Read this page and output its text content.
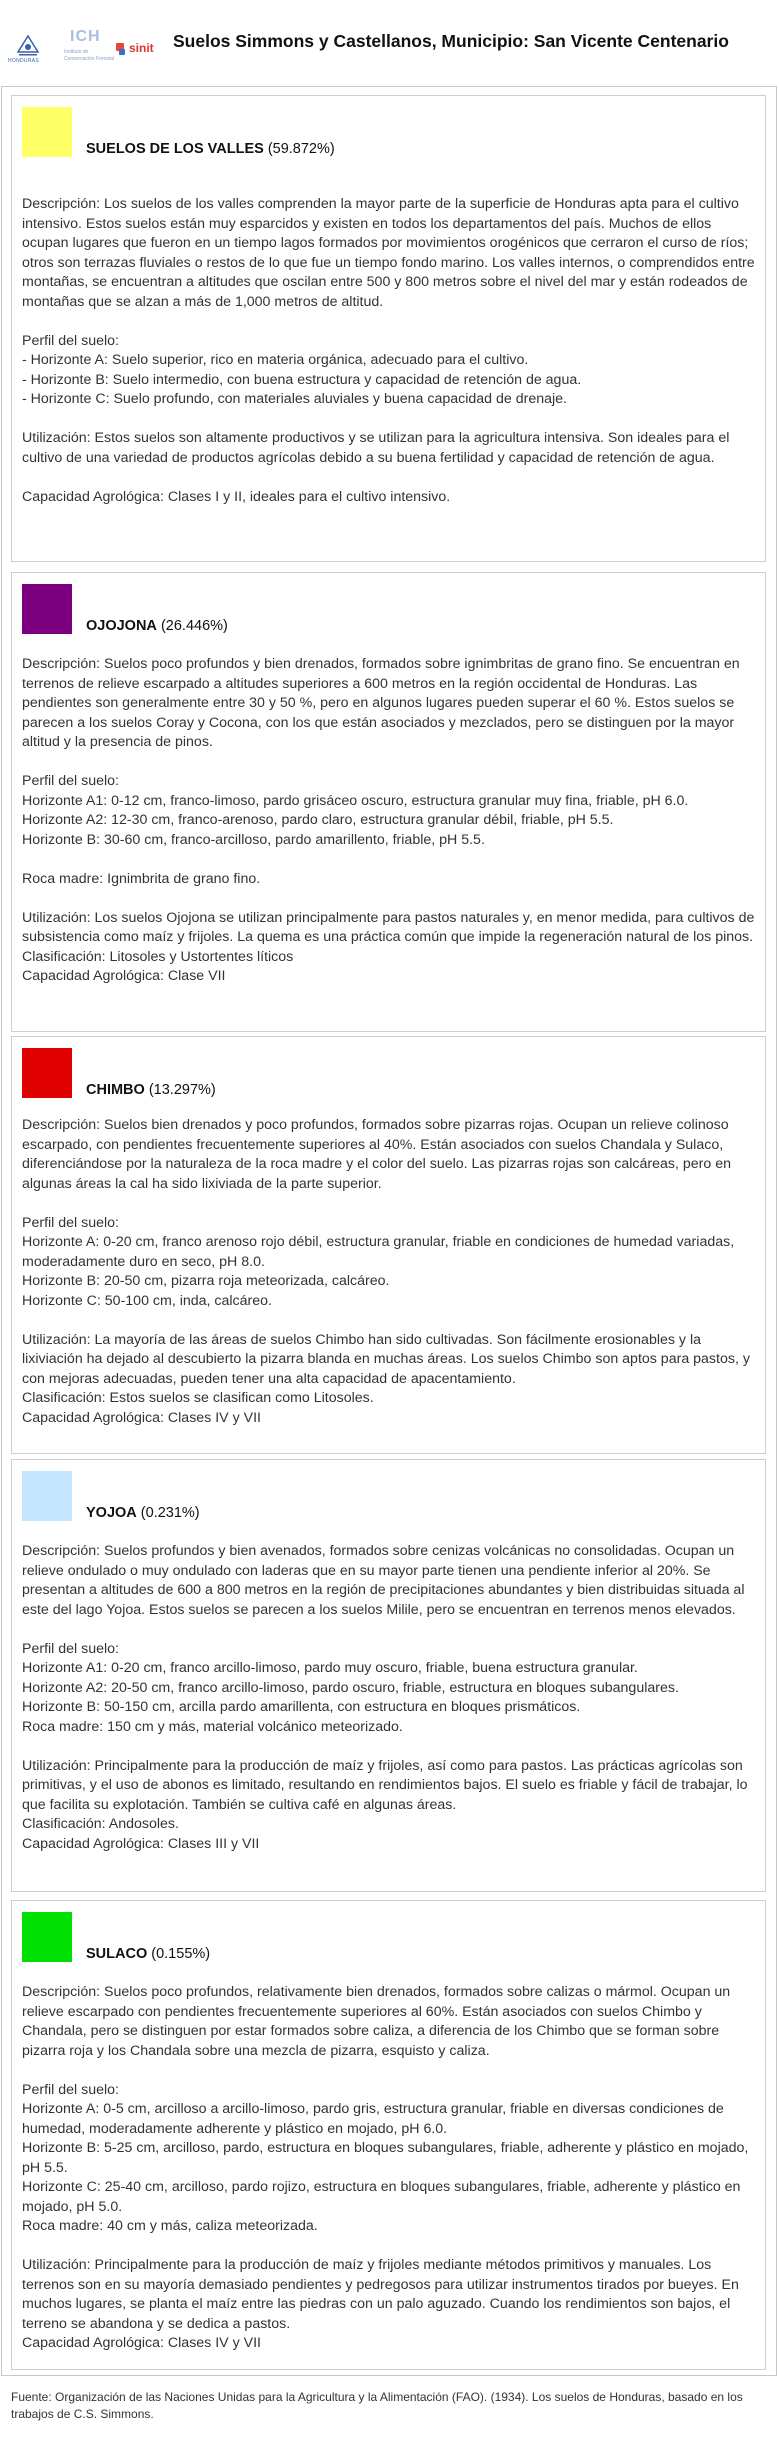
HONDURAS
ICH
Instituto de
Conservación Forestal
sinit Suelos Simmons y Castellanos, Municipio: San Vicente Centenario
SUELOS DE LOS VALLES (59.872%)

Descripción: Los suelos de los valles comprenden la mayor parte de la superficie de Honduras apta para el cultivo intensivo. Estos suelos están muy esparcidos y existen en todos los departamentos del país. Muchos de ellos ocupan lugares que fueron en un tiempo lagos formados por movimientos orogénicos que cerraron el curso de ríos; otros son terrazas fluviales o restos de lo que fue un tiempo fondo marino. Los valles internos, o comprendidos entre montañas, se encuentran a altitudes que oscilan entre 500 y 800 metros sobre el nivel del mar y están rodeados de montañas que se alzan a más de 1,000 metros de altitud.

Perfil del suelo:
- Horizonte A: Suelo superior, rico en materia orgánica, adecuado para el cultivo.
- Horizonte B: Suelo intermedio, con buena estructura y capacidad de retención de agua.
- Horizonte C: Suelo profundo, con materiales aluviales y buena capacidad de drenaje.

Utilización: Estos suelos son altamente productivos y se utilizan para la agricultura intensiva. Son ideales para el cultivo de una variedad de productos agrícolas debido a su buena fertilidad y capacidad de retención de agua.

Capacidad Agrológica: Clases I y II, ideales para el cultivo intensivo.

OJOJONA (26.446%)

Descripción: Suelos poco profundos y bien drenados, formados sobre ignimbritas de grano fino. Se encuentran en terrenos de relieve escarpado a altitudes superiores a 600 metros en la región occidental de Honduras. Las pendientes son generalmente entre 30 y 50 %, pero en algunos lugares pueden superar el 60 %. Estos suelos se parecen a los suelos Coray y Cocona, con los que están asociados y mezclados, pero se distinguen por la mayor altitud y la presencia de pinos.

Perfil del suelo:
Horizonte A1: 0-12 cm, franco-limoso, pardo grisáceo oscuro, estructura granular muy fina, friable, pH 6.0.
Horizonte A2: 12-30 cm, franco-arenoso, pardo claro, estructura granular débil, friable, pH 5.5.
Horizonte B: 30-60 cm, franco-arcilloso, pardo amarillento, friable, pH 5.5.

Roca madre: Ignimbrita de grano fino.

Utilización: Los suelos Ojojona se utilizan principalmente para pastos naturales y, en menor medida, para cultivos de subsistencia como maíz y frijoles. La quema es una práctica común que impide la regeneración natural de los pinos.
Clasificación: Litosoles y Ustortentes líticos
Capacidad Agrológica: Clase VII

CHIMBO (13.297%)

Descripción: Suelos bien drenados y poco profundos, formados sobre pizarras rojas. Ocupan un relieve colinoso escarpado, con pendientes frecuentemente superiores al 40%. Están asociados con suelos Chandala y Sulaco, diferenciándose por la naturaleza de la roca madre y el color del suelo. Las pizarras rojas son calcáreas, pero en algunas áreas la cal ha sido lixiviada de la parte superior.

Perfil del suelo:
Horizonte A: 0-20 cm, franco arenoso rojo débil, estructura granular, friable en condiciones de humedad variadas, moderadamente duro en seco, pH 8.0.
Horizonte B: 20-50 cm, pizarra roja meteorizada, calcáreo.
Horizonte C: 50-100 cm, inda, calcáreo.

Utilización: La mayoría de las áreas de suelos Chimbo han sido cultivadas. Son fácilmente erosionables y la lixiviación ha dejado al descubierto la pizarra blanda en muchas áreas. Los suelos Chimbo son aptos para pastos, y con mejoras adecuadas, pueden tener una alta capacidad de apacentamiento.
Clasificación: Estos suelos se clasifican como Litosoles.
Capacidad Agrológica: Clases IV y VII

YOJOA (0.231%)

Descripción: Suelos profundos y bien avenados, formados sobre cenizas volcánicas no consolidadas. Ocupan un relieve ondulado o muy ondulado con laderas que en su mayor parte tienen una pendiente inferior al 20%. Se presentan a altitudes de 600 a 800 metros en la región de precipitaciones abundantes y bien distribuidas situada al este del lago Yojoa. Estos suelos se parecen a los suelos Milile, pero se encuentran en terrenos menos elevados.

Perfil del suelo:
Horizonte A1: 0-20 cm, franco arcillo-limoso, pardo muy oscuro, friable, buena estructura granular.
Horizonte A2: 20-50 cm, franco arcillo-limoso, pardo oscuro, friable, estructura en bloques subangulares.
Horizonte B: 50-150 cm, arcilla pardo amarillenta, con estructura en bloques prismáticos.
Roca madre: 150 cm y más, material volcánico meteorizado.

Utilización: Principalmente para la producción de maíz y frijoles, así como para pastos. Las prácticas agrícolas son primitivas, y el uso de abonos es limitado, resultando en rendimientos bajos. El suelo es friable y fácil de trabajar, lo que facilita su explotación. También se cultiva café en algunas áreas.
Clasificación: Andosoles.
Capacidad Agrológica: Clases III y VII

SULACO (0.155%)

Descripción: Suelos poco profundos, relativamente bien drenados, formados sobre calizas o mármol. Ocupan un relieve escarpado con pendientes frecuentemente superiores al 60%. Están asociados con suelos Chimbo y Chandala, pero se distinguen por estar formados sobre caliza, a diferencia de los Chimbo que se forman sobre pizarra roja y los Chandala sobre una mezcla de pizarra, esquisto y caliza.

Perfil del suelo:
Horizonte A: 0-5 cm, arcilloso a arcillo-limoso, pardo gris, estructura granular, friable en diversas condiciones de humedad, moderadamente adherente y plástico en mojado, pH 6.0.
Horizonte B: 5-25 cm, arcilloso, pardo, estructura en bloques subangulares, friable, adherente y plástico en mojado, pH 5.5.
Horizonte C: 25-40 cm, arcilloso, pardo rojizo, estructura en bloques subangulares, friable, adherente y plástico en mojado, pH 5.0.
Roca madre: 40 cm y más, caliza meteorizada.

Utilización: Principalmente para la producción de maíz y frijoles mediante métodos primitivos y manuales. Los terrenos son en su mayoría demasiado pendientes y pedregosos para utilizar instrumentos tirados por bueyes. En muchos lugares, se planta el maíz entre las piedras con un palo aguzado. Cuando los rendimientos son bajos, el terreno se abandona y se dedica a pastos.
Capacidad Agrológica: Clases IV y VII

Fuente: Organización de las Naciones Unidas para la Agricultura y la Alimentación (FAO). (1934). Los suelos de Honduras, basado en los trabajos de C.S. Simmons.
